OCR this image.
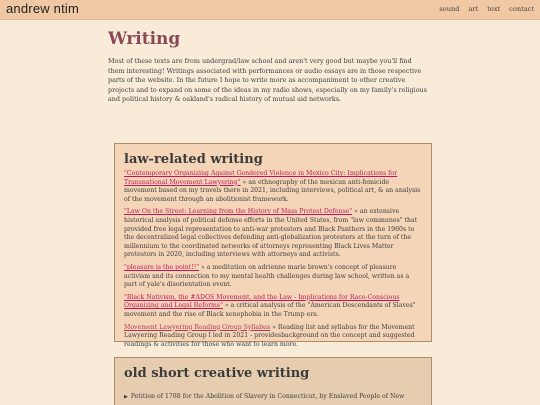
andrew ntim	sound art text contact
Writing

Most of these texts are from undergrad/law school and aren't very good but maybe you'll find them interesting! Writings associated with performances or audio essays are in those respective parts of the website. In the future I hope to write more as accompaniment to other creative projects and to expand on some of the ideas in my radio shows, especially on my family's religious and political history & oakland's radical history of mutual aid networks.

law-related writing

"Contemporary Organizing Against Gendered Violence in Mexico City: Implications for Transnational Movement Lawyering" » an ethnography of the mexican anti-femicide movement based on my travels there in 2021, including interviews, political art, & an analysis of the movement through an abolitionist framework.

"Law On the Street: Learning from the History of Mass Protest Defense" » an extensive historical analysis of political defense efforts in the United States, from "law communes" that provided free legal representation to anti-war protestors and Black Panthers in the 1960s to the decentralized legal collectives defending anti-globalization protesters at the turn of the millennium to the coordinated networks of attorneys representing Black Lives Matter protestors in 2020, including interviews with attorneys and activists.

"pleasure is the point!!" » a meditation on adrienne marie brown's concept of pleasure activism and its connection to my mental health challenges during law school, written as a part of yale's disorientation event.

"Black Nativism, the #ADOS Movement, and the Law - Implications for Race-Conscious Organizing and Legal Reforms" » a critical analysis of the "American Descendants of Slaves" movement and the rise of Black xenophobia in the Trump era.

Movement Lawyering Reading Group Syllabus » Reading list and syllabus for the Movement Lawyering Reading Group I led in 2021 - providesbackground on the concept and suggested readings & activities for those who want to learn more.

old short creative writing

▶ Petition of 1788 for the Abolition of Slavery in Connecticut, by Enslaved People of New
